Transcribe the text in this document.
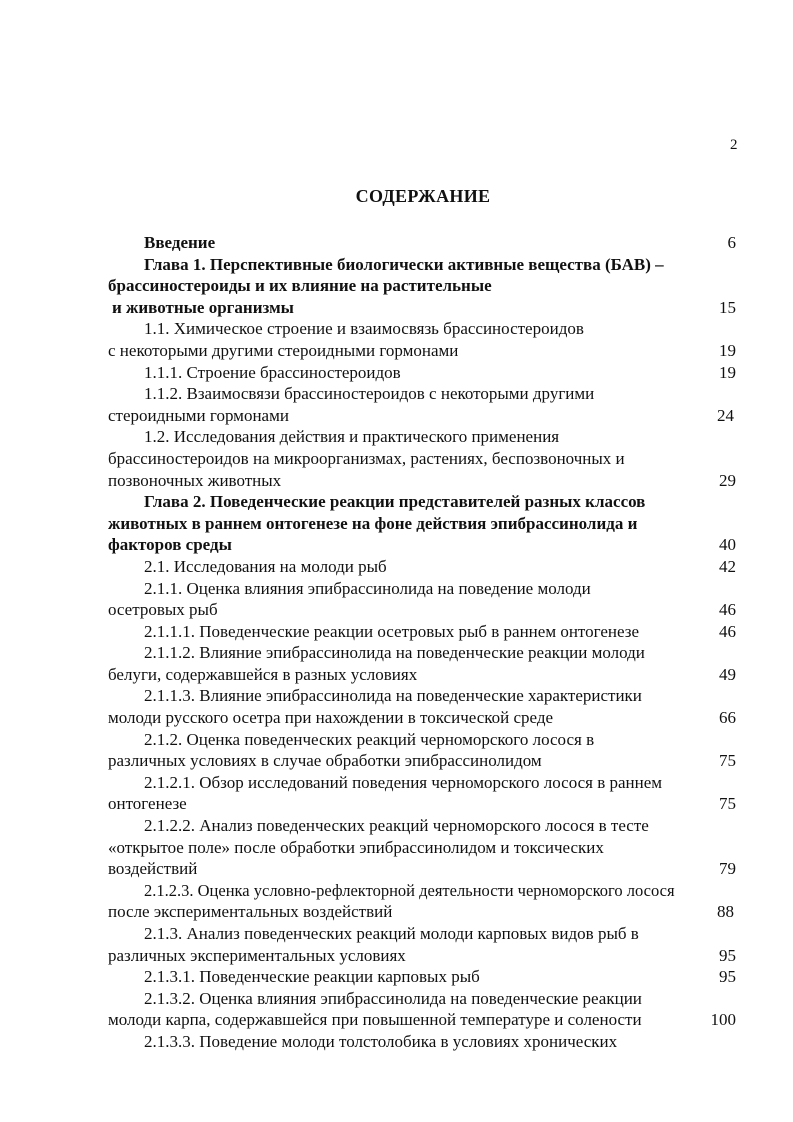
2
СОДЕРЖАНИЕ
Введение	6
Глава 1. Перспективные биологически активные вещества (БАВ) –
брассиностероиды и их влияние на растительные
и животные организмы	15
1.1. Химическое строение и взаимосвязь брассиностероидов
с некоторыми другими стероидными гормонами	19
1.1.1. Строение брассиностероидов	19
1.1.2. Взаимосвязи брассиностероидов с некоторыми другими
стероидными гормонами	24
1.2. Исследования действия и практического применения
брассиностероидов на микроорганизмах, растениях, беспозвоночных и
позвоночных животных	29
Глава 2. Поведенческие реакции представителей разных классов
животных в раннем онтогенезе на фоне действия эпибрассинолида и
факторов среды	40
2.1. Исследования на молоди рыб	42
2.1.1. Оценка влияния эпибрассинолида на поведение молоди
осетровых рыб	46
2.1.1.1. Поведенческие реакции осетровых рыб в раннем онтогенезе	46
2.1.1.2. Влияние эпибрассинолида на поведенческие реакции молоди
белуги, содержавшейся в разных условиях	49
2.1.1.3. Влияние эпибрассинолида на поведенческие характеристики
молоди русского осетра при нахождении в токсической среде	66
2.1.2. Оценка поведенческих реакций черноморского лосося в
различных условиях в случае обработки эпибрассинолидом	75
2.1.2.1. Обзор исследований поведения черноморского лосося в раннем
онтогенезе	75
2.1.2.2. Анализ поведенческих реакций черноморского лосося в тесте
«открытое поле» после обработки эпибрассинолидом и токсических
воздействий	79
2.1.2.3. Оценка условно-рефлекторной деятельности черноморского лосося
после экспериментальных воздействий	88
2.1.3. Анализ поведенческих реакций молоди карповых видов рыб в
различных экспериментальных условиях	95
2.1.3.1. Поведенческие реакции карповых рыб	95
2.1.3.2. Оценка влияния эпибрассинолида на поведенческие реакции
молоди карпа, содержавшейся при повышенной температуре и солености	100
2.1.3.3. Поведение молоди толстолобика в условиях хронических
